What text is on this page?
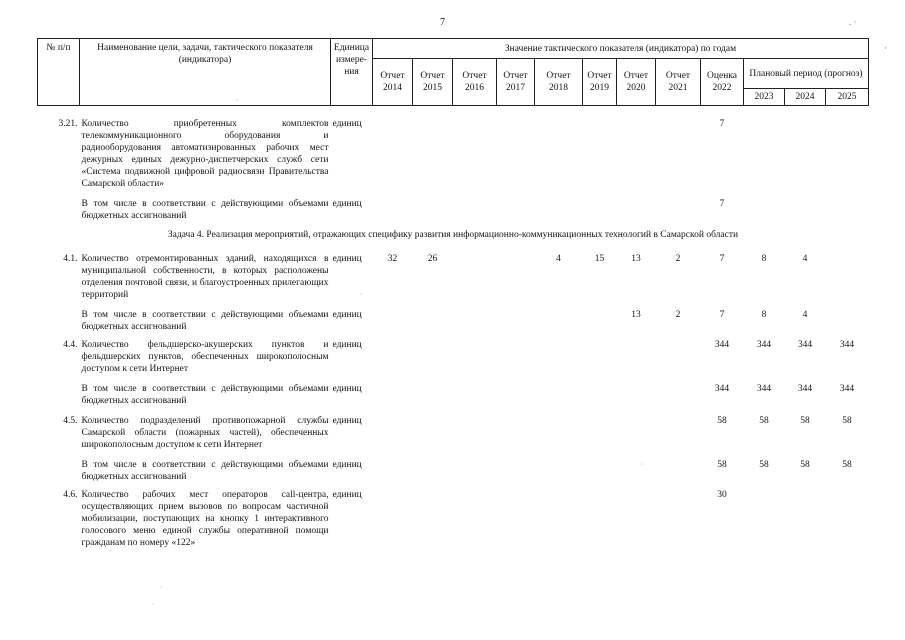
7	. ·
·
·
·
·
`
·
№ п/п	Наименование цели, задачи, тактического показателя (индикатора)	Единица измере-ния	Значение тактического показателя (индикатора) по годам											
			Отчет 2014	Отчет 2015	Отчет 2016	Отчет 2017	Отчет 2018	Отчет 2019	Отчет 2020	Отчет 2021	Оценка 2022	Плановый период (прогноз)		
												2023	2024	2025
3.21.	Количество приобретенных комплектов телекоммуникационного оборудования и радиооборудования автоматизированных рабочих мест дежурных единых дежурно-диспетчерских служб сети «Система подвижной цифровой радиосвязи Правительства Самарской области»	единиц									7			
	В том числе в соответствии с действующими объемами бюджетных ассигнований	единиц									7			
Задача 4. Реализация мероприятий, отражающих специфику развития информационно-коммуникационных технологий в Самарской области														
4.1.	Количество отремонтированных зданий, находящихся в муниципальной собственности, в которых расположены отделения почтовой связи, и благоустроенных прилегающих территорий	единиц	32	26			4	15	13	2	7	8	4	
	В том числе в соответствии с действующими объемами бюджетных ассигнований	единиц							13	2	7	8	4	
4.4.	Количество фельдшерско-акушерских пунктов и фельдшерских пунктов, обеспеченных широкополосным доступом к сети Интернет	единиц									344	344	344	344
	В том числе в соответствии с действующими объемами бюджетных ассигнований	единиц									344	344	344	344
4.5.	Количество подразделений противопожарной службы Самарской области (пожарных частей), обеспеченных широкополосным доступом к сети Интернет	единиц									58	58	58	58
	В том числе в соответствии с действующими объемами бюджетных ассигнований	единиц									58	58	58	58
4.6.	Количество рабочих мест операторов call-центра, осуществляющих прием вызовов по вопросам частичной мобилизации, поступающих на кнопку 1 интерактивного голосового меню единой службы оперативной помощи гражданам по номеру «122»	единиц									30			
